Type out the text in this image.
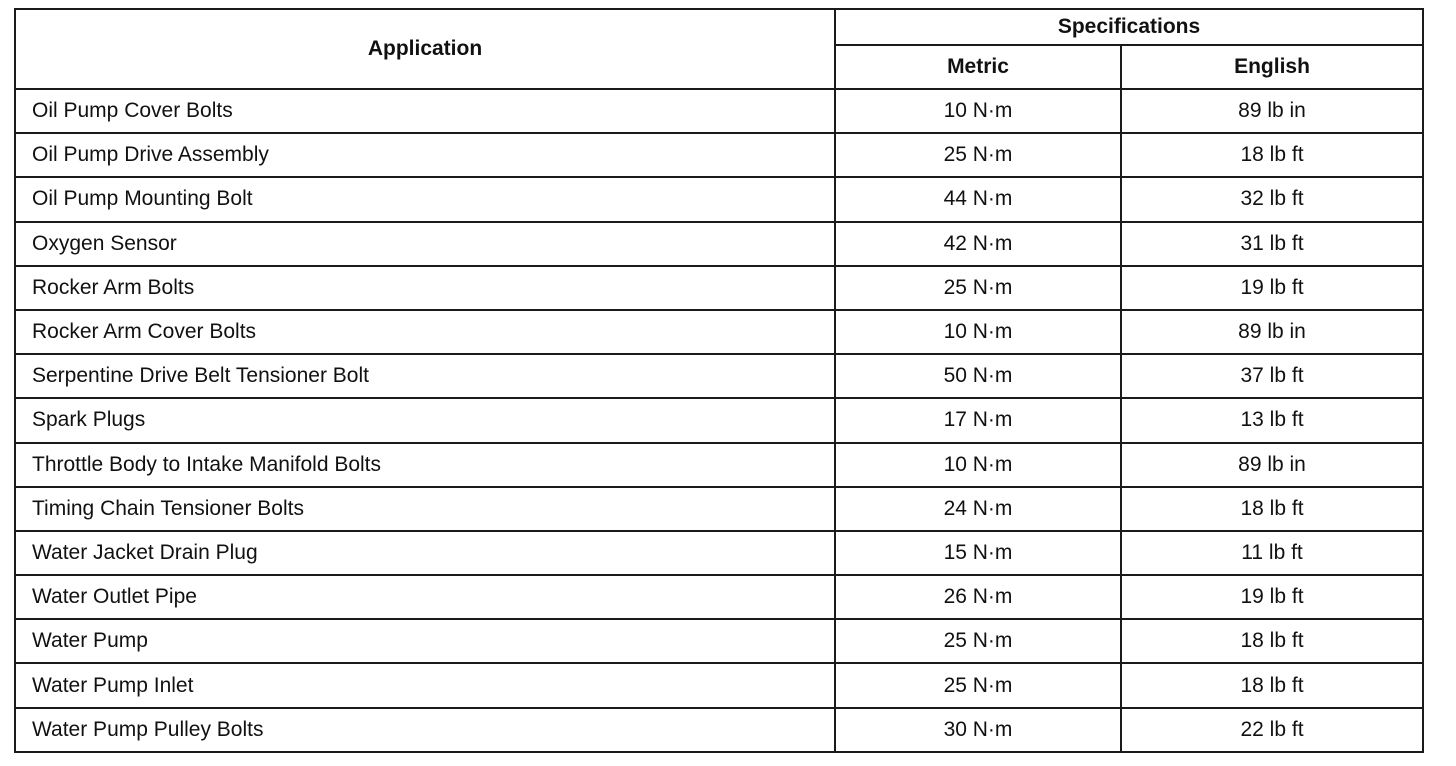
Application	Specifications	
	Metric	English
Oil Pump Cover Bolts	10 N·m	89 lb in
Oil Pump Drive Assembly	25 N·m	18 lb ft
Oil Pump Mounting Bolt	44 N·m	32 lb ft
Oxygen Sensor	42 N·m	31 lb ft
Rocker Arm Bolts	25 N·m	19 lb ft
Rocker Arm Cover Bolts	10 N·m	89 lb in
Serpentine Drive Belt Tensioner Bolt	50 N·m	37 lb ft
Spark Plugs	17 N·m	13 lb ft
Throttle Body to Intake Manifold Bolts	10 N·m	89 lb in
Timing Chain Tensioner Bolts	24 N·m	18 lb ft
Water Jacket Drain Plug	15 N·m	11 lb ft
Water Outlet Pipe	26 N·m	19 lb ft
Water Pump	25 N·m	18 lb ft
Water Pump Inlet	25 N·m	18 lb ft
Water Pump Pulley Bolts	30 N·m	22 lb ft
